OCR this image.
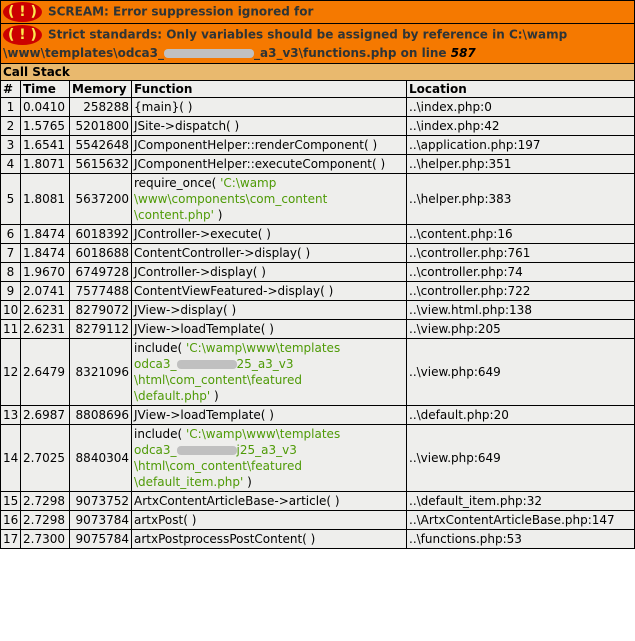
( ! ) SCREAM: Error suppression ignored for				
( ! ) Strict standards: Only variables should be assigned by reference in C:\wamp
\www\templates\odca3_ _a3_v3\functions.php on line 587				
Call Stack				
#	Time	Memory	Function	Location
1	0.0410	258288	{main}( )	..\index.php:0
2	1.5765	5201800	JSite->dispatch( )	..\index.php:42
3	1.6541	5542648	JComponentHelper::renderComponent( )	..\application.php:197
4	1.8071	5615632	JComponentHelper::executeComponent( )	..\helper.php:351
5	1.8081	5637200	require_once( 'C:\wamp \www\components\com_content \content.php' )	..\helper.php:383
6	1.8474	6018392	JController->execute( )	..\content.php:16
7	1.8474	6018688	ContentController->display( )	..\controller.php:761
8	1.9670	6749728	JController->display( )	..\controller.php:74
9	2.0741	7577488	ContentViewFeatured->display( )	..\controller.php:722
10	2.6231	8279072	JView->display( )	..\view.html.php:138
11	2.6231	8279112	JView->loadTemplate( )	..\view.php:205
12	2.6479	8321096	include( 'C:\wamp\www\templates
odca3_ 25_a3_v3
\html\com_content\featured
\default.php' )	..\view.php:649
13	2.6987	8808696	JView->loadTemplate( )	..\default.php:20
14	2.7025	8840304	include( 'C:\wamp\www\templates
odca3_ j25_a3_v3
\html\com_content\featured
\default_item.php' )	..\view.php:649
15	2.7298	9073752	ArtxContentArticleBase->article( )	..\default_item.php:32
16	2.7298	9073784	artxPost( )	..\ArtxContentArticleBase.php:147
17	2.7300	9075784	artxPostprocessPostContent( )	..\functions.php:53
